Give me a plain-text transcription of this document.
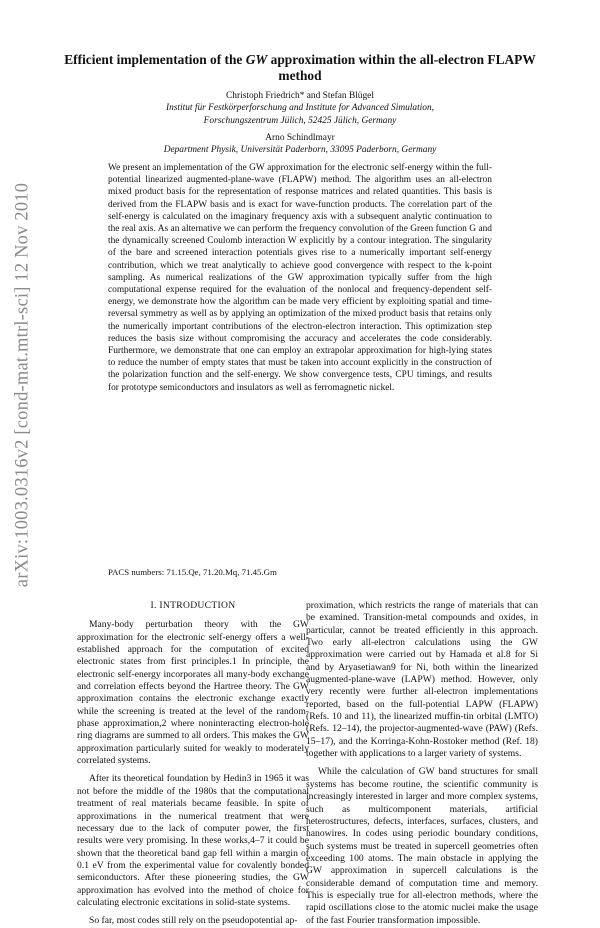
arXiv:1003.0316v2 [cond-mat.mtrl-sci] 12 Nov 2010
Efficient implementation of the GW approximation within the all-electron FLAPW method
Christoph Friedrich* and Stefan Blügel
Institut für Festkörperforschung and Institute for Advanced Simulation,
Forschungszentrum Jülich, 52425 Jülich, Germany
Arno Schindlmayr
Department Physik, Universität Paderborn, 33095 Paderborn, Germany
We present an implementation of the GW approximation for the electronic self-energy within the full-potential linearized augmented-plane-wave (FLAPW) method. The algorithm uses an all-electron mixed product basis for the representation of response matrices and related quantities. This basis is derived from the FLAPW basis and is exact for wave-function products. The correlation part of the self-energy is calculated on the imaginary frequency axis with a subsequent analytic continuation to the real axis. As an alternative we can perform the frequency convolution of the Green function G and the dynamically screened Coulomb interaction W explicitly by a contour integration. The singularity of the bare and screened interaction potentials gives rise to a numerically important self-energy contribution, which we treat analytically to achieve good convergence with respect to the k-point sampling. As numerical realizations of the GW approximation typically suffer from the high computational expense required for the evaluation of the nonlocal and frequency-dependent self-energy, we demonstrate how the algorithm can be made very efficient by exploiting spatial and time-reversal symmetry as well as by applying an optimization of the mixed product basis that retains only the numerically important contributions of the electron-electron interaction. This optimization step reduces the basis size without compromising the accuracy and accelerates the code considerably. Furthermore, we demonstrate that one can employ an extrapolar approximation for high-lying states to reduce the number of empty states that must be taken into account explicitly in the construction of the polarization function and the self-energy. We show convergence tests, CPU timings, and results for prototype semiconductors and insulators as well as ferromagnetic nickel.
PACS numbers: 71.15.Qe, 71.20.Mq, 71.45.Gm
I. INTRODUCTION

Many-body perturbation theory with the GW approximation for the electronic self-energy offers a well-established approach for the computation of excited electronic states from first principles.1 In principle, the electronic self-energy incorporates all many-body exchange and correlation effects beyond the Hartree theory. The GW approximation contains the electronic exchange exactly while the screening is treated at the level of the random-phase approximation,2 where noninteracting electron-hole ring diagrams are summed to all orders. This makes the GW approximation particularly suited for weakly to moderately correlated systems.

After its theoretical foundation by Hedin3 in 1965 it was not before the middle of the 1980s that the computational treatment of real materials became feasible. In spite of approximations in the numerical treatment that were necessary due to the lack of computer power, the first results were very promising. In these works,4–7 it could be shown that the theoretical band gap fell within a margin of 0.1 eV from the experimental value for covalently bonded semiconductors. After these pioneering studies, the GW approximation has evolved into the method of choice for calculating electronic excitations in solid-state systems.

So far, most codes still rely on the pseudopotential ap-

proximation, which restricts the range of materials that can be examined. Transition-metal compounds and oxides, in particular, cannot be treated efficiently in this approach. Two early all-electron calculations using the GW approximation were carried out by Hamada et al.8 for Si and by Aryasetiawan9 for Ni, both within the linearized augmented-plane-wave (LAPW) method. However, only very recently were further all-electron implementations reported, based on the full-potential LAPW (FLAPW) (Refs. 10 and 11), the linearized muffin-tin orbital (LMTO) (Refs. 12–14), the projector-augmented-wave (PAW) (Refs. 15–17), and the Korringa-Kohn-Rostoker method (Ref. 18) together with applications to a larger variety of systems.

While the calculation of GW band structures for small systems has become routine, the scientific community is increasingly interested in larger and more complex systems, such as multicomponent materials, artificial heterostructures, defects, interfaces, surfaces, clusters, and nanowires. In codes using periodic boundary conditions, such systems must be treated in supercell geometries often exceeding 100 atoms. The main obstacle in applying the GW approximation in supercell calculations is the considerable demand of computation time and memory. This is especially true for all-electron methods, where the rapid oscillations close to the atomic nuclei make the usage of the fast Fourier transformation impossible.
